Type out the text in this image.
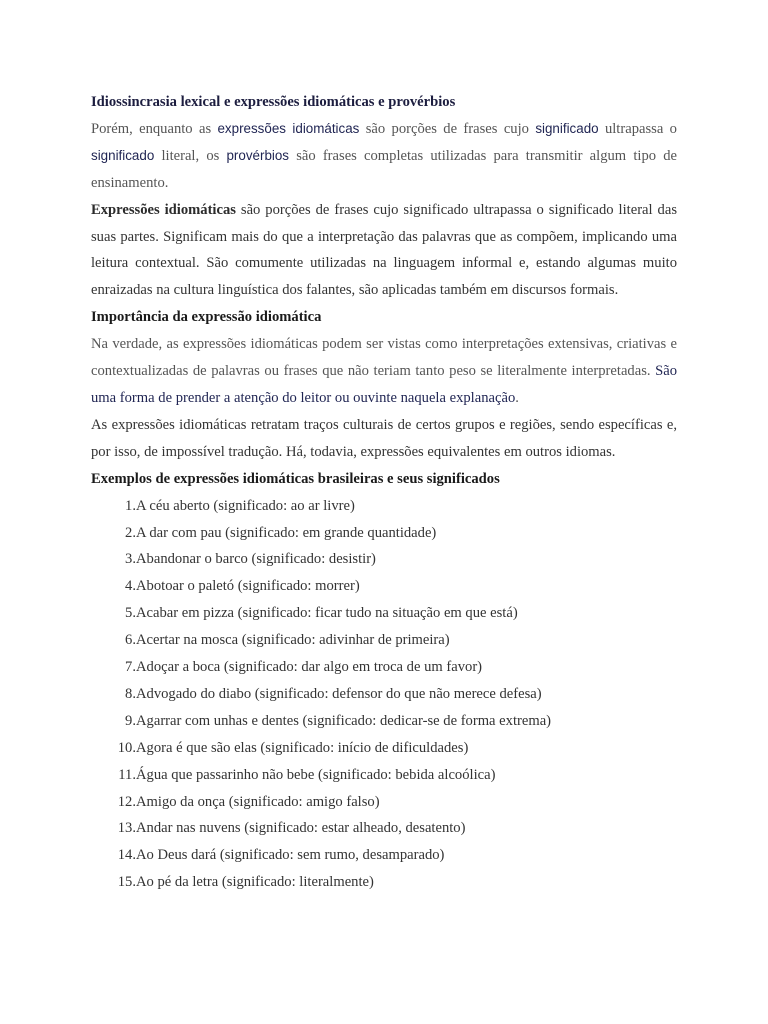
Idiossincrasia lexical e expressões idiomáticas e provérbios

Porém, enquanto as expressões idiomáticas são porções de frases cujo significado ultrapassa o significado literal, os provérbios são frases completas utilizadas para transmitir algum tipo de ensinamento.

Expressões idiomáticas são porções de frases cujo significado ultrapassa o significado literal das suas partes. Significam mais do que a interpretação das palavras que as compõem, implicando uma leitura contextual. São comumente utilizadas na linguagem informal e, estando algumas muito enraizadas na cultura linguística dos falantes, são aplicadas também em discursos formais.

Importância da expressão idiomática

Na verdade, as expressões idiomáticas podem ser vistas como interpretações extensivas, criativas e contextualizadas de palavras ou frases que não teriam tanto peso se literalmente interpretadas. São uma forma de prender a atenção do leitor ou ouvinte naquela explanação.

As expressões idiomáticas retratam traços culturais de certos grupos e regiões, sendo específicas e, por isso, de impossível tradução. Há, todavia, expressões equivalentes em outros idiomas.

Exemplos de expressões idiomáticas brasileiras e seus significados

1. A céu aberto (significado: ao ar livre)
2. A dar com pau (significado: em grande quantidade)
3. Abandonar o barco (significado: desistir)
4. Abotoar o paletó (significado: morrer)
5. Acabar em pizza (significado: ficar tudo na situação em que está)
6. Acertar na mosca (significado: adivinhar de primeira)
7. Adoçar a boca (significado: dar algo em troca de um favor)
8. Advogado do diabo (significado: defensor do que não merece defesa)
9. Agarrar com unhas e dentes (significado: dedicar-se de forma extrema)
10. Agora é que são elas (significado: início de dificuldades)
11. Água que passarinho não bebe (significado: bebida alcoólica)
12. Amigo da onça (significado: amigo falso)
13. Andar nas nuvens (significado: estar alheado, desatento)
14. Ao Deus dará (significado: sem rumo, desamparado)
15. Ao pé da letra (significado: literalmente)
